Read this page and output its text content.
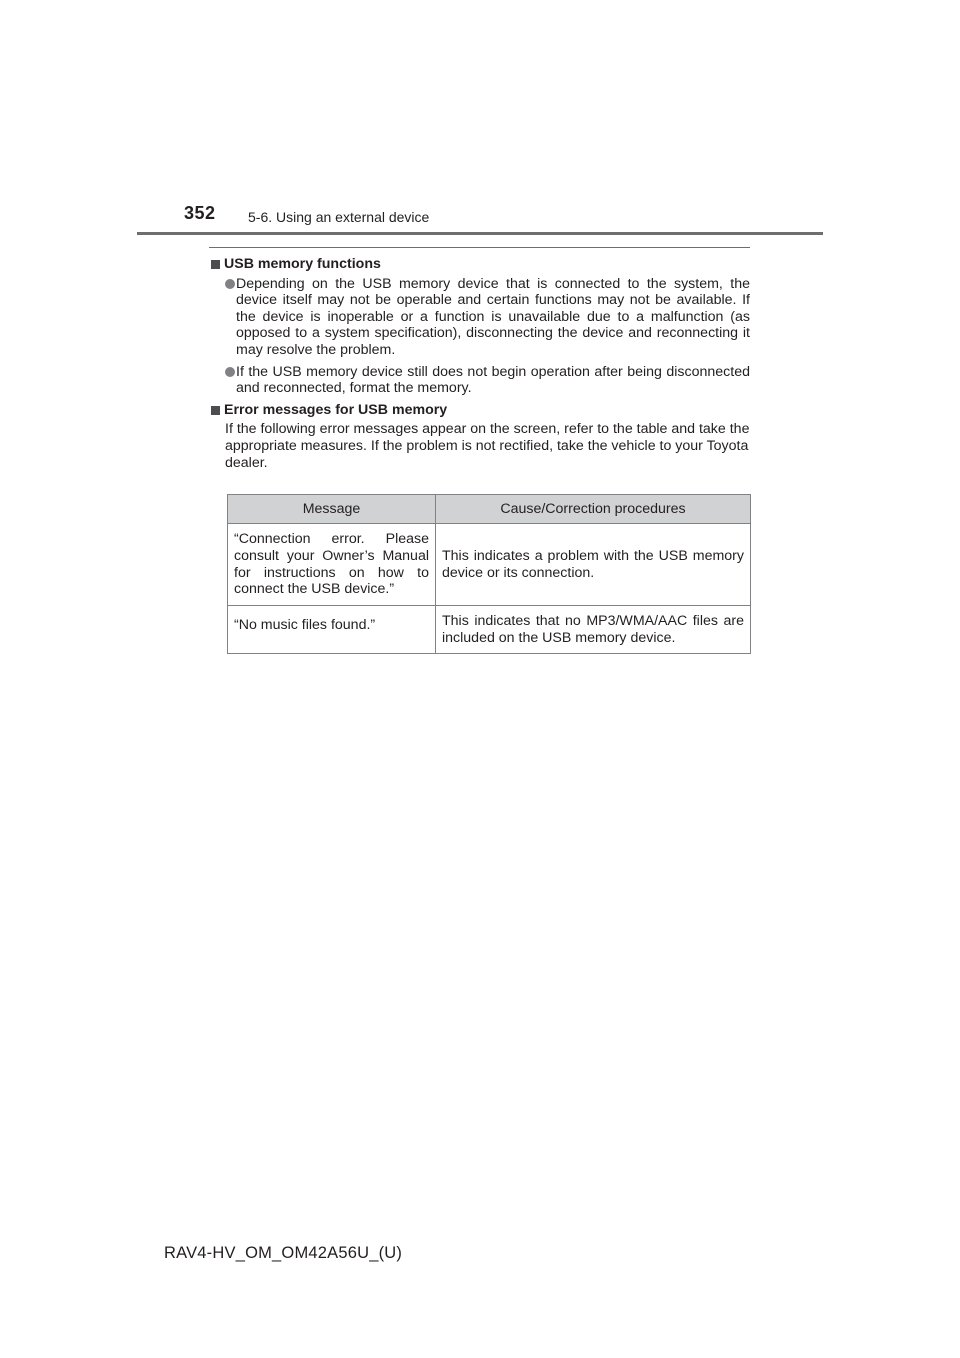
352 5-6. Using an external device

USB memory functions

Depending on the USB memory device that is connected to the system, the device itself may not be operable and certain functions may not be available. If the device is inoperable or a function is unavailable due to a malfunction (as opposed to a system specification), disconnecting the device and reconnecting it may resolve the problem.

If the USB memory device still does not begin operation after being disconnected and reconnected, format the memory.

Error messages for USB memory

If the following error messages appear on the screen, refer to the table and take the appropriate measures. If the problem is not rectified, take the vehicle to your Toyota dealer.

Message	Cause/Correction procedures
“Connection error. Please consult your Owner’s Manual for instructions on how to connect the USB device.”	This indicates a problem with the USB memory device or its connection.
“No music files found.”	This indicates that no MP3/WMA/AAC files are included on the USB memory device.
RAV4-HV_OM_OM42A56U_(U)
